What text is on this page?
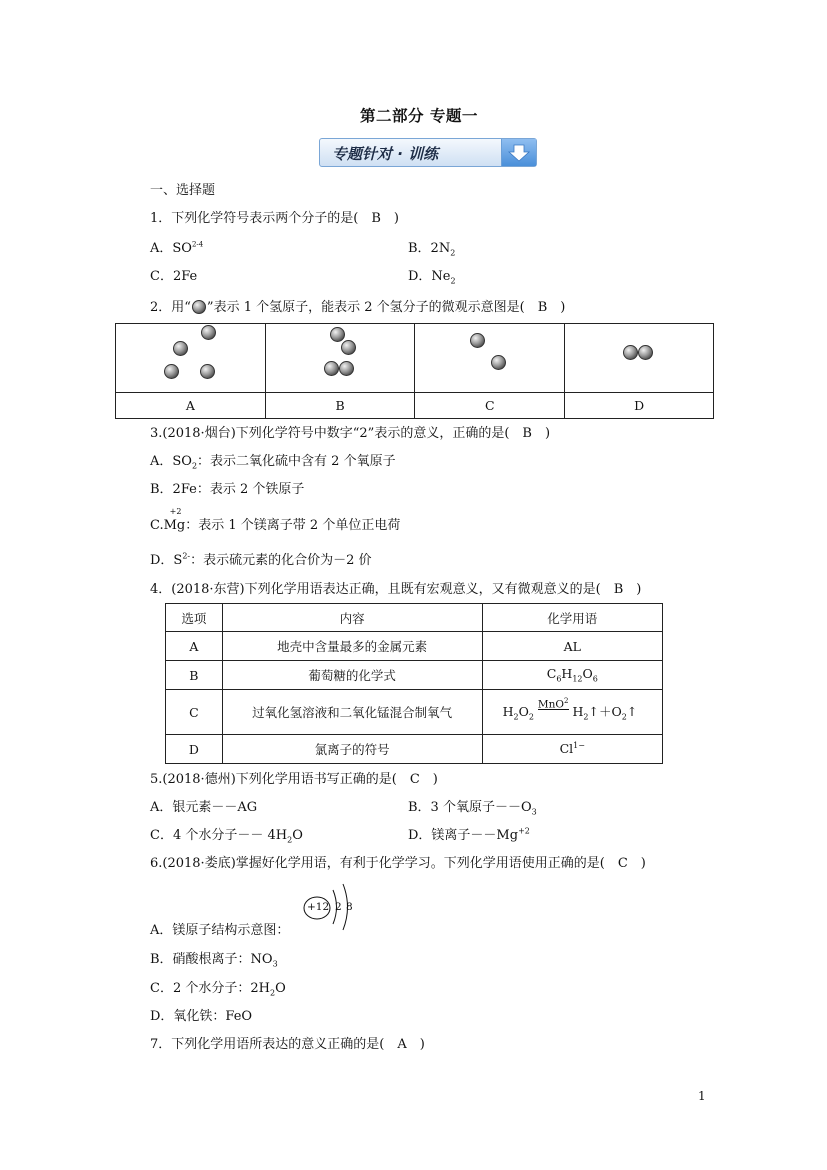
第二部分 专题一
专题针对 · 训练
一、选择题
1．下列化学符号表示两个分子的是(　B　)
A．SO$^{2-4}$	B．$2N_2$
C．2Fe	D．$Ne_2$
2．用“ ”表示 1 个氢原子，能表示 2 个氢分子的微观示意图是(　B　)

A	B	C	D
3.(2018·烟台)下列化学符号中数字“2”表示的意义，正确的是(　B　)
A．$SO_2$：表示二氧化硫中含有 2 个氧原子
B．2Fe：表示 2 个铁原子
C.
+2
Mg：表示 1 个镁离子带 2 个单位正电荷
D．$S^{2-}$：表示硫元素的化合价为－2 价
4．(2018·东营)下列化学用语表达正确，且既有宏观意义，又有微观意义的是(　B　)
选项	内容	化学用语
A	地壳中含量最多的金属元素	AL
B	葡萄糖的化学式	$C_6H_{12}O_6$
C	过氧化氢溶液和二氧化锰混合制氧气	$H_2O_2$ MnO$^2$ $H_2↑+O_2↑$
D	氯离子的符号	$Cl^{1-}$
5.(2018·德州)下列化学用语书写正确的是(　C　)
A．银元素－－AG	B．3 个氧原子$--O_3$
C．4 个水分子－－ $4H_2O$	D．镁离子$--Mg^{+2}$
6.(2018·娄底)掌握好化学用语，有利于化学学习。下列化学用语使用正确的是(　C　)
A．镁原子结构示意图：
+12 2 8
B．硝酸根离子：$NO_3$
C．2 个水分子：$2H_2O$
D．氧化铁：FeO
7．下列化学用语所表达的意义正确的是(　A　)
1
